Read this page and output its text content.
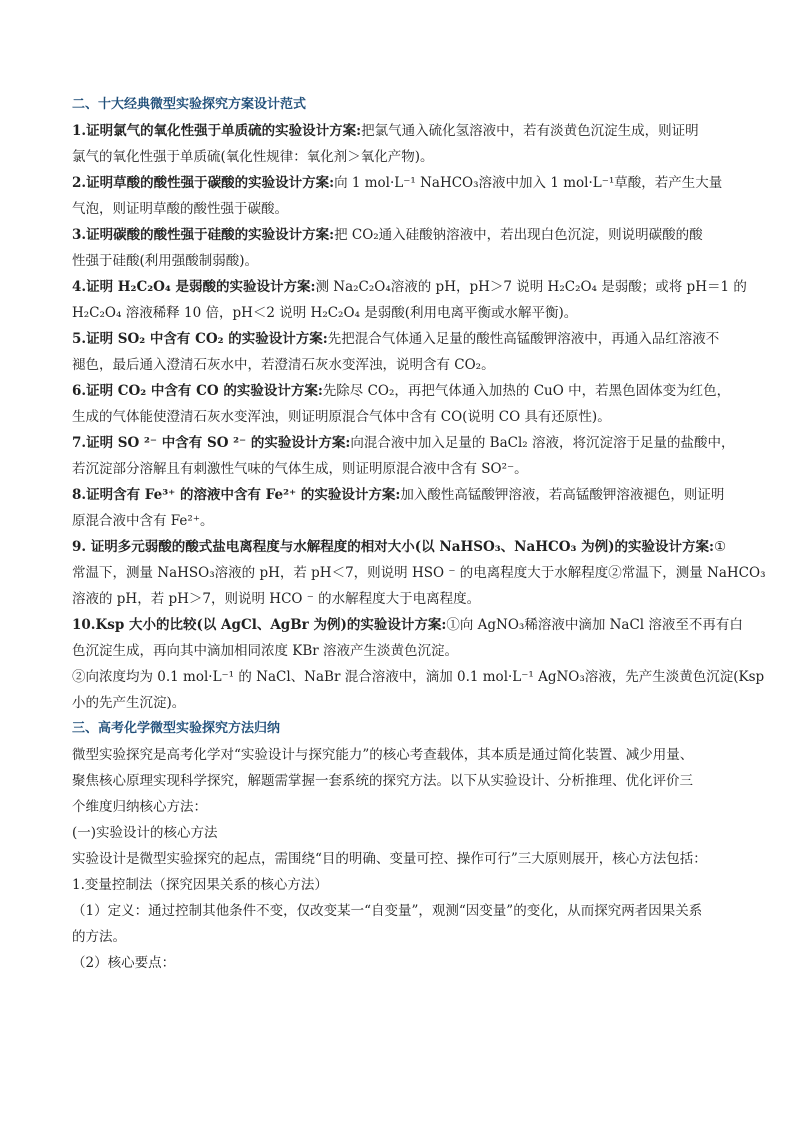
二、十大经典微型实验探究方案设计范式
1.证明氯气的氧化性强于单质硫的实验设计方案:把氯气通入硫化氢溶液中，若有淡黄色沉淀生成，则证明
氯气的氧化性强于单质硫(氧化性规律：氧化剂＞氧化产物)。
2.证明草酸的酸性强于碳酸的实验设计方案:向 1 mol·L⁻¹ NaHCO₃溶液中加入 1 mol·L⁻¹草酸，若产生大量
气泡，则证明草酸的酸性强于碳酸。
3.证明碳酸的酸性强于硅酸的实验设计方案:把 CO₂通入硅酸钠溶液中，若出现白色沉淀，则说明碳酸的酸
性强于硅酸(利用强酸制弱酸)。
4.证明 H₂C₂O₄ 是弱酸的实验设计方案:测 Na₂C₂O₄溶液的 pH，pH＞7 说明 H₂C₂O₄ 是弱酸；或将 pH＝1 的
H₂C₂O₄ 溶液稀释 10 倍，pH＜2 说明 H₂C₂O₄ 是弱酸(利用电离平衡或水解平衡)。
5.证明 SO₂ 中含有 CO₂ 的实验设计方案:先把混合气体通入足量的酸性高锰酸钾溶液中，再通入品红溶液不
褪色，最后通入澄清石灰水中，若澄清石灰水变浑浊，说明含有 CO₂。
6.证明 CO₂ 中含有 CO 的实验设计方案:先除尽 CO₂，再把气体通入加热的 CuO 中，若黑色固体变为红色，
生成的气体能使澄清石灰水变浑浊，则证明原混合气体中含有 CO(说明 CO 具有还原性)。
7.证明 SO ²⁻ 中含有 SO ²⁻ 的实验设计方案:向混合液中加入足量的 BaCl₂ 溶液，将沉淀溶于足量的盐酸中，
若沉淀部分溶解且有刺激性气味的气体生成，则证明原混合液中含有 SO²⁻。
8.证明含有 Fe³⁺ 的溶液中含有 Fe²⁺ 的实验设计方案:加入酸性高锰酸钾溶液，若高锰酸钾溶液褪色，则证明
原混合液中含有 Fe²⁺。
9. 证明多元弱酸的酸式盐电离程度与水解程度的相对大小(以 NaHSO₃、NaHCO₃ 为例)的实验设计方案:①
常温下，测量 NaHSO₃溶液的 pH，若 pH＜7，则说明 HSO ⁻ 的电离程度大于水解程度②常温下，测量 NaHCO₃
溶液的 pH，若 pH＞7，则说明 HCO ⁻ 的水解程度大于电离程度。
10.Ksp 大小的比较(以 AgCl、AgBr 为例)的实验设计方案:①向 AgNO₃稀溶液中滴加 NaCl 溶液至不再有白
色沉淀生成，再向其中滴加相同浓度 KBr 溶液产生淡黄色沉淀。
②向浓度均为 0.1 mol·L⁻¹ 的 NaCl、NaBr 混合溶液中，滴加 0.1 mol·L⁻¹ AgNO₃溶液，先产生淡黄色沉淀(Ksp
小的先产生沉淀)。
三、高考化学微型实验探究方法归纳
微型实验探究是高考化学对“实验设计与探究能力”的核心考查载体，其本质是通过简化装置、减少用量、
聚焦核心原理实现科学探究，解题需掌握一套系统的探究方法。以下从实验设计、分析推理、优化评价三
个维度归纳核心方法：
(一)实验设计的核心方法
实验设计是微型实验探究的起点，需围绕“目的明确、变量可控、操作可行”三大原则展开，核心方法包括：
1.变量控制法（探究因果关系的核心方法）
（1）定义：通过控制其他条件不变，仅改变某一“自变量”，观测“因变量”的变化，从而探究两者因果关系
的方法。
（2）核心要点：
